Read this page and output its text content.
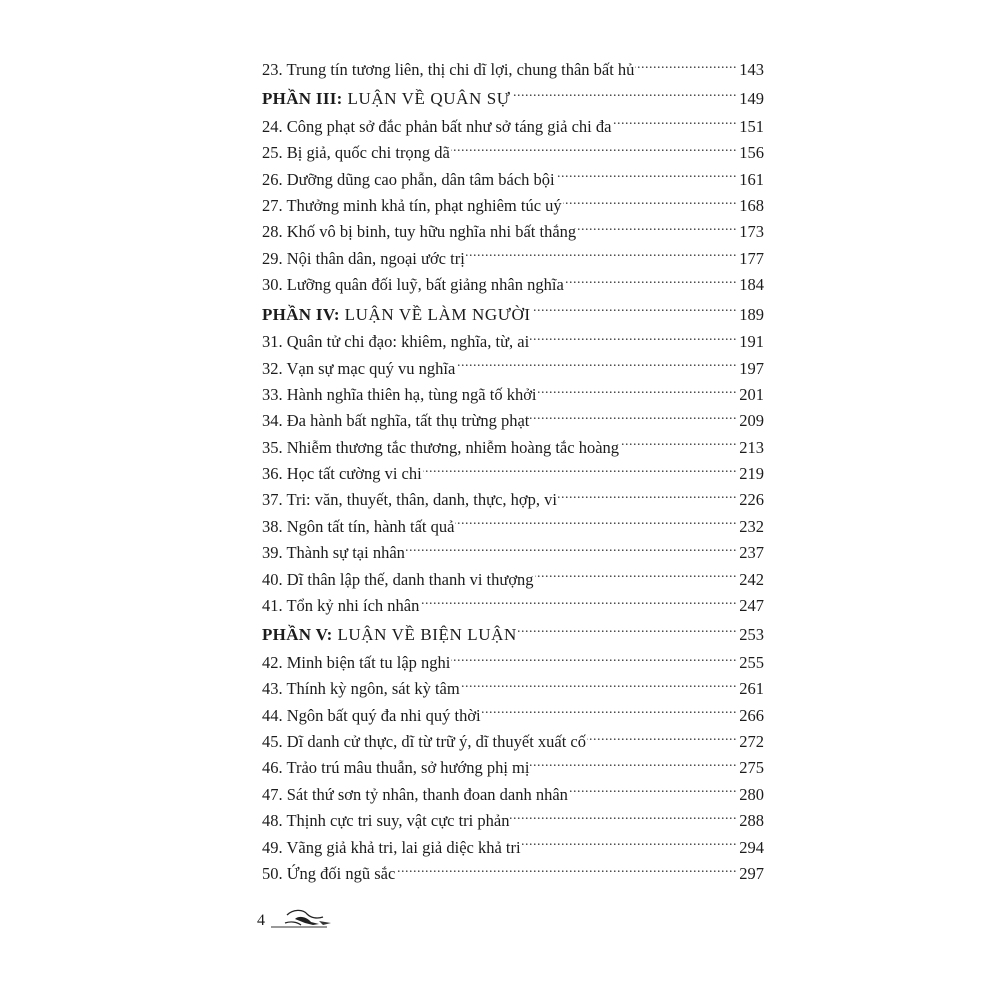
23. Trung tín tương liên, thị chi dĩ lợi, chung thân bất hủ .....	143
PHẦN III: LUẬN VỀ QUÂN SỰ .....	149
24. Công phạt sở đắc phản bất như sở táng giả chi đa .....	151
25. Bị giả, quốc chi trọng dã .....	156
26. Dưỡng dũng cao phẫn, dân tâm bách bội .....	161
27. Thưởng minh khả tín, phạt nghiêm túc uý .....	168
28. Khố vô bị binh, tuy hữu nghĩa nhi bất thắng .....	173
29. Nội thân dân, ngoại ước trị .....	177
30. Lưỡng quân đối luỹ, bất giảng nhân nghĩa .....	184
PHẦN IV: LUẬN VỀ LÀM NGƯỜI .....	189
31. Quân tử chi đạo: khiêm, nghĩa, từ, ai .....	191
32. Vạn sự mạc quý vu nghĩa .....	197
33. Hành nghĩa thiên hạ, tùng ngã tố khởi .....	201
34. Đa hành bất nghĩa, tất thụ trừng phạt .....	209
35. Nhiễm thương tắc thương, nhiễm hoàng tắc hoàng .....	213
36. Học tất cường vi chi .....	219
37. Tri: văn, thuyết, thân, danh, thực, hợp, vi .....	226
38. Ngôn tất tín, hành tất quả .....	232
39. Thành sự tại nhân .....	237
40. Dĩ thân lập thế, danh thanh vi thượng .....	242
41. Tổn kỷ nhi ích nhân .....	247
PHẦN V: LUẬN VỀ BIỆN LUẬN .....	253
42. Minh biện tất tu lập nghi .....	255
43. Thính kỳ ngôn, sát kỳ tâm .....	261
44. Ngôn bất quý đa nhi quý thời .....	266
45. Dĩ danh cử thực, dĩ từ trữ ý, dĩ thuyết xuất cố .....	272
46. Trảo trú mâu thuẫn, sở hướng phị mị .....	275
47. Sát thứ sơn tỷ nhân, thanh đoan danh nhân .....	280
48. Thịnh cực tri suy, vật cực tri phản .....	288
49. Vãng giả khả tri, lai giả diệc khả tri .....	294
50. Ứng đối ngũ sắc .....	297
4
